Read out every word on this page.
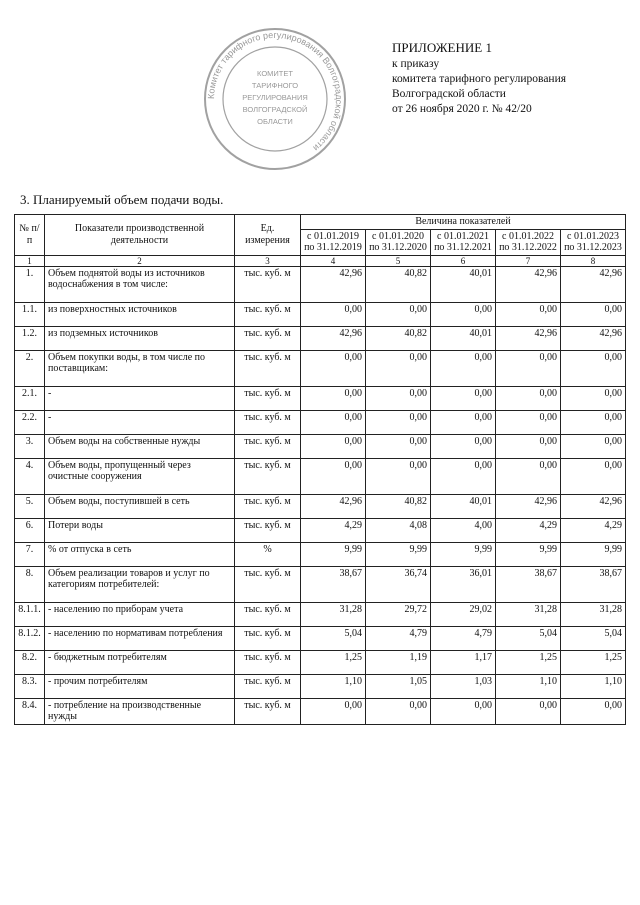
ПРИЛОЖЕНИЕ 1
к приказу
комитета тарифного регулирования
Волгоградской области
от 26 ноября 2020 г. № 42/20
Комитет тарифного регулирования Волгоградской области
КОМИТЕТ
ТАРИФНОГО
РЕГУЛИРОВАНИЯ
ВОЛГОГРАДСКОЙ
ОБЛАСТИ
3. Планируемый объем подачи воды.
№ п/п	Показатели производственной деятельности	Ед. измерения	Величина показателей				
			с 01.01.2019 по 31.12.2019	с 01.01.2020 по 31.12.2020	с 01.01.2021 по 31.12.2021	с 01.01.2022 по 31.12.2022	с 01.01.2023 по 31.12.2023
1	2	3	4	5	6	7	8
1.	Объем поднятой воды из источников водоснабжения в том числе:	тыс. куб. м	42,96	40,82	40,01	42,96	42,96
1.1.	из поверхностных источников	тыс. куб. м	0,00	0,00	0,00	0,00	0,00
1.2.	из подземных источников	тыс. куб. м	42,96	40,82	40,01	42,96	42,96
2.	Объем покупки воды, в том числе по поставщикам:	тыс. куб. м	0,00	0,00	0,00	0,00	0,00
2.1.	-	тыс. куб. м	0,00	0,00	0,00	0,00	0,00
2.2.	-	тыс. куб. м	0,00	0,00	0,00	0,00	0,00
3.	Объем воды на собственные нужды	тыс. куб. м	0,00	0,00	0,00	0,00	0,00
4.	Объем воды, пропущенный через очистные сооружения	тыс. куб. м	0,00	0,00	0,00	0,00	0,00
5.	Объем воды, поступившей в сеть	тыс. куб. м	42,96	40,82	40,01	42,96	42,96
6.	Потери воды	тыс. куб. м	4,29	4,08	4,00	4,29	4,29
7.	% от отпуска в сеть	%	9,99	9,99	9,99	9,99	9,99
8.	Объем реализации товаров и услуг по категориям потребителей:	тыс. куб. м	38,67	36,74	36,01	38,67	38,67
8.1.1.	- населению по приборам учета	тыс. куб. м	31,28	29,72	29,02	31,28	31,28
8.1.2.	- населению по нормативам потребления	тыс. куб. м	5,04	4,79	4,79	5,04	5,04
8.2.	- бюджетным потребителям	тыс. куб. м	1,25	1,19	1,17	1,25	1,25
8.3.	- прочим потребителям	тыс. куб. м	1,10	1,05	1,03	1,10	1,10
8.4.	- потребление на производственные нужды	тыс. куб. м	0,00	0,00	0,00	0,00	0,00
